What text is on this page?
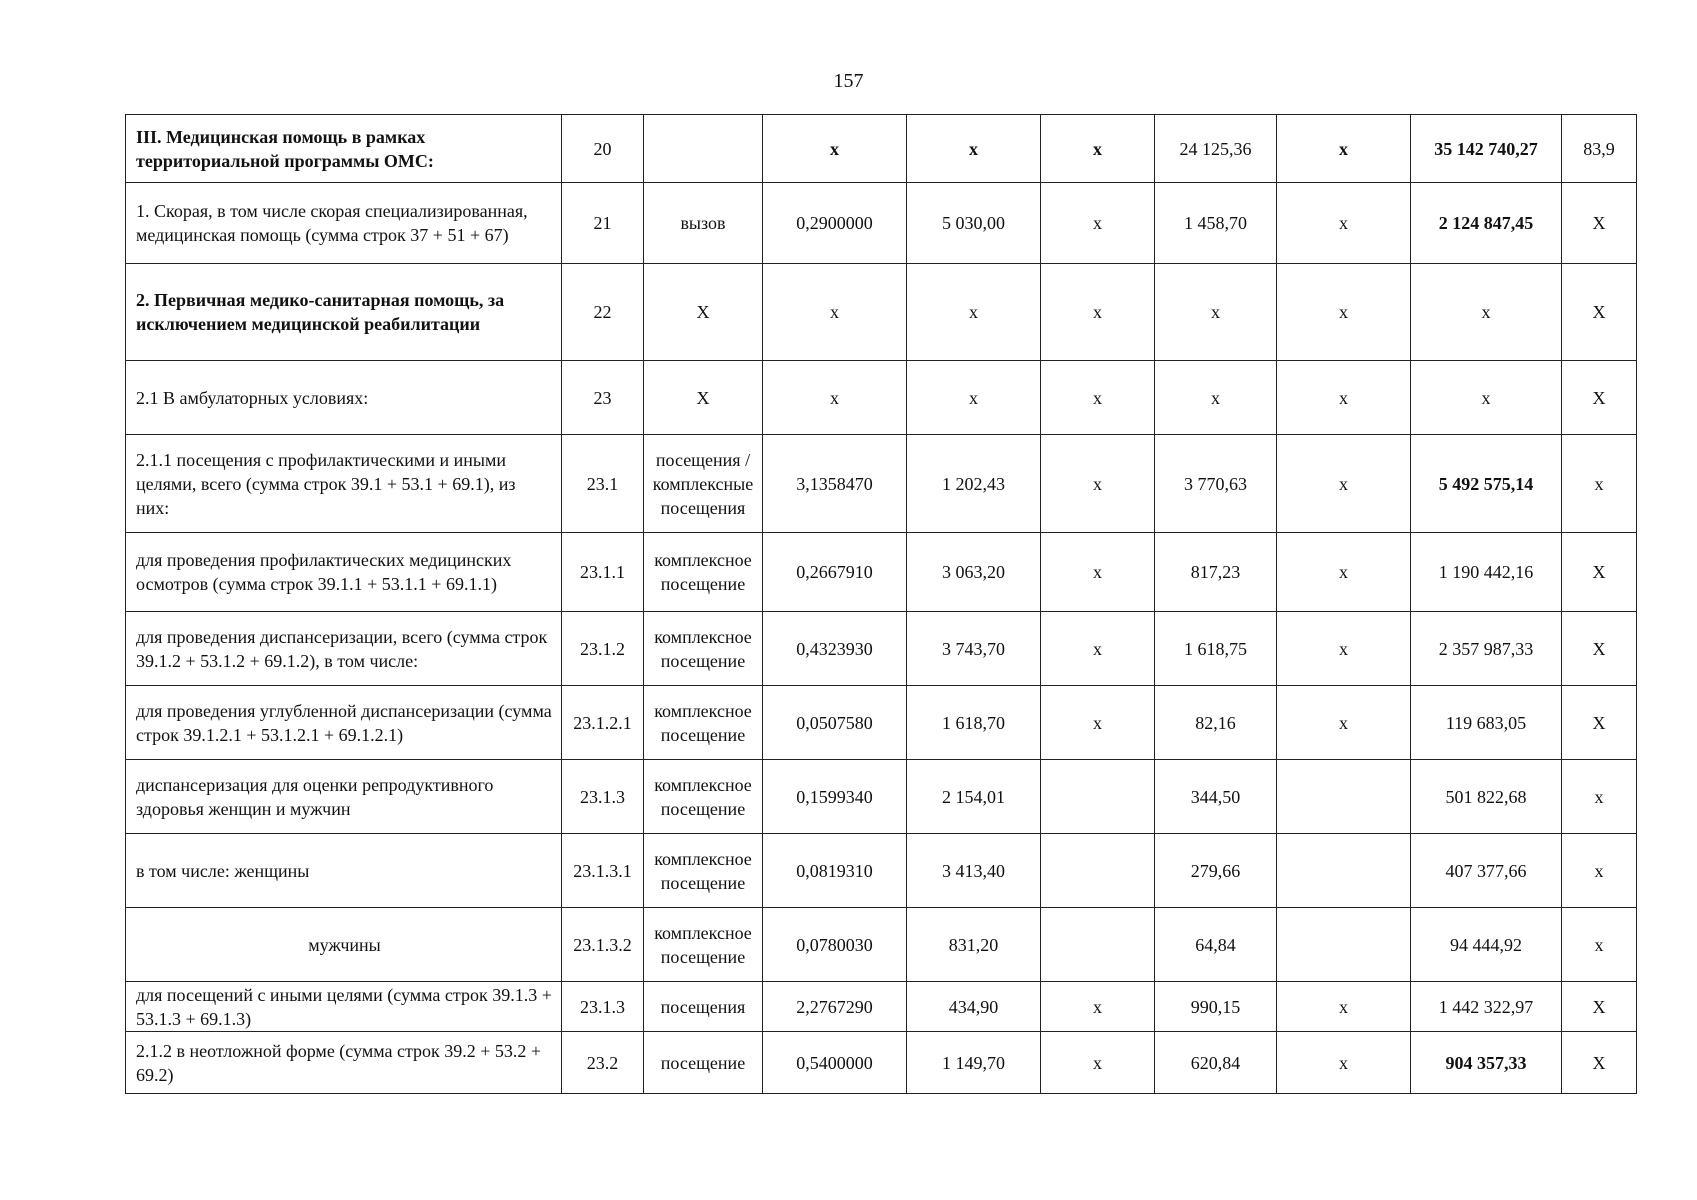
157
III. Медицинская помощь в рамках территориальной программы ОМС:	20		х	х	х	24 125,36	х	35 142 740,27	83,9
1. Скорая, в том числе скорая специализированная, медицинская помощь (сумма строк 37 + 51 + 67)	21	вызов	0,2900000	5 030,00	х	1 458,70	х	2 124 847,45	Х
2. Первичная медико-санитарная помощь, за исключением медицинской реабилитации	22	Х	х	х	х	х	х	х	Х
2.1 В амбулаторных условиях:	23	Х	х	х	х	х	х	х	Х
2.1.1 посещения с профилактическими и иными целями, всего (сумма строк 39.1 + 53.1 + 69.1), из них:	23.1	посещения /комплексные посещения	3,1358470	1 202,43	х	3 770,63	х	5 492 575,14	х
для проведения профилактических медицинских осмотров (сумма строк 39.1.1 + 53.1.1 + 69.1.1)	23.1.1	комплексное посещение	0,2667910	3 063,20	х	817,23	х	1 190 442,16	Х
для проведения диспансеризации, всего (сумма строк 39.1.2 + 53.1.2 + 69.1.2), в том числе:	23.1.2	комплексное посещение	0,4323930	3 743,70	х	1 618,75	х	2 357 987,33	Х
для проведения углубленной диспансеризации (сумма строк 39.1.2.1 + 53.1.2.1 + 69.1.2.1)	23.1.2.1	комплексное посещение	0,0507580	1 618,70	х	82,16	х	119 683,05	Х
диспансеризация для оценки репродуктивного здоровья женщин и мужчин	23.1.3	комплексное посещение	0,1599340	2 154,01		344,50		501 822,68	х
в том числе: женщины	23.1.3.1	комплексное посещение	0,0819310	3 413,40		279,66		407 377,66	х
мужчины	23.1.3.2	комплексное посещение	0,0780030	831,20		64,84		94 444,92	х
для посещений с иными целями (сумма строк 39.1.3 + 53.1.3 + 69.1.3)	23.1.3	посещения	2,2767290	434,90	х	990,15	х	1 442 322,97	Х
2.1.2 в неотложной форме (сумма строк 39.2 + 53.2 + 69.2)	23.2	посещение	0,5400000	1 149,70	х	620,84	х	904 357,33	Х
